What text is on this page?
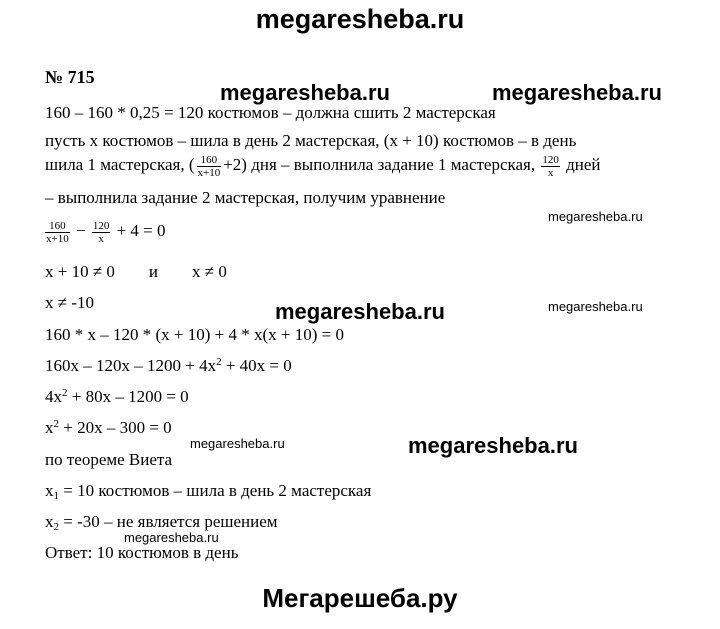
megaresheba.ru
megaresheba.ru	megaresheba.ru
megaresheba.ru
megaresheba.ru	megaresheba.ru
megaresheba.ru	megaresheba.ru
megaresheba.ru
Мегарешеба.ру
№ 715
160 – 160 * 0,25 = 120 костюмов – должна сшить 2 мастерская
пусть x костюмов – шила в день 2 мастерская, (x + 10) костюмов – в день
шила 1 мастерская, ( $\frac{160}{x+10} +2$) дня – выполнила задание 1 мастерская, $\frac{120}{x}$ дней
– выполнила задание 2 мастерская, получим уравнение
$\frac{160}{x+10} - \frac{120}{x} + 4 = 0$
x + 10 ≠ 0 и x ≠ 0
x ≠ -10
160 * x – 120 * (x + 10) + 4 * x(x + 10) = 0
$160x - 120x - 1200 + 4x^2 + 40x = 0$
$4x^2 + 80x - 1200 = 0$
$x^2 + 20x - 300 = 0$
по теореме Виета
$x_1 = 10$ костюмов – шила в день 2 мастерская
$x_2 = -30$ – не является решением
Ответ: 10 костюмов в день
